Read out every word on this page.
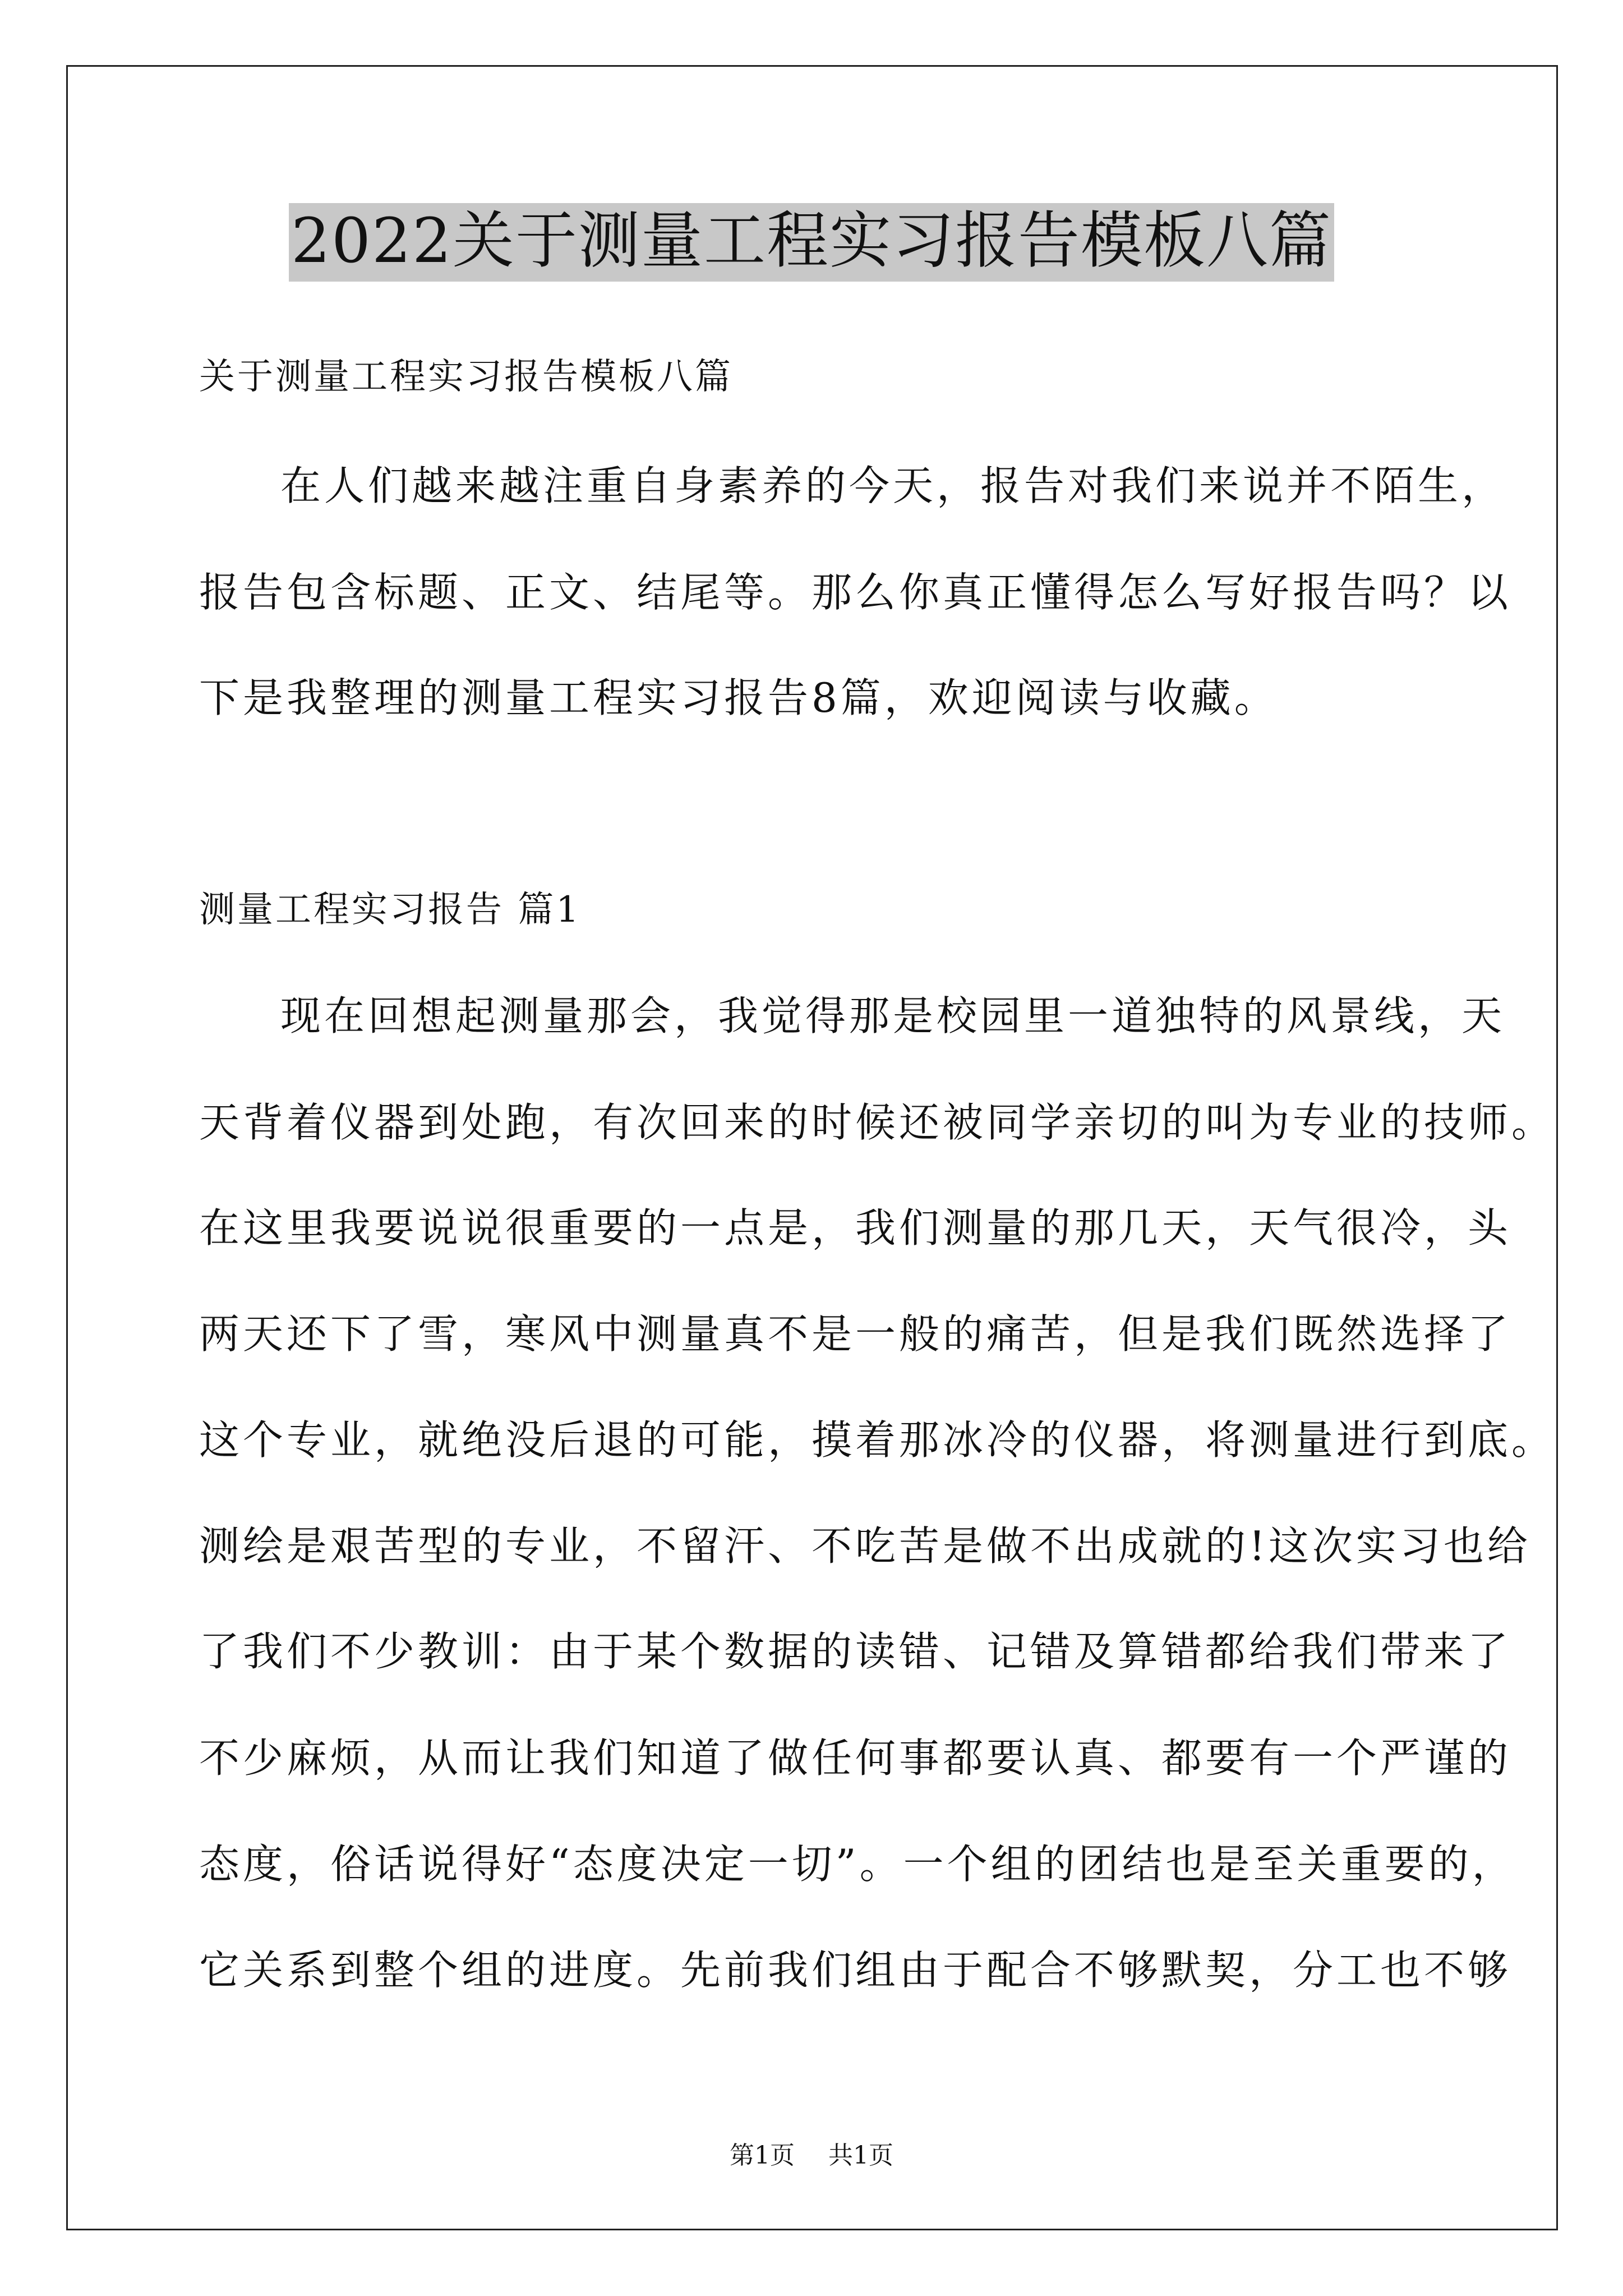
2022关于测量工程实习报告模板八篇

关于测量工程实习报告模板八篇

在人们越来越注重自身素养的今天，报告对我们来说并不陌生，

报告包含标题、正文、结尾等。那么你真正懂得怎么写好报告吗？以

下是我整理的测量工程实习报告8篇，欢迎阅读与收藏。

测量工程实习报告 篇1

现在回想起测量那会，我觉得那是校园里一道独特的风景线，天

天背着仪器到处跑，有次回来的时候还被同学亲切的叫为专业的技师。

在这里我要说说很重要的一点是，我们测量的那几天，天气很冷，头

两天还下了雪，寒风中测量真不是一般的痛苦，但是我们既然选择了

这个专业，就绝没后退的可能，摸着那冰冷的仪器，将测量进行到底。

测绘是艰苦型的专业，不留汗、不吃苦是做不出成就的!这次实习也给

了我们不少教训：由于某个数据的读错、记错及算错都给我们带来了

不少麻烦，从而让我们知道了做任何事都要认真、都要有一个严谨的

态度，俗话说得好“态度决定一切”。一个组的团结也是至关重要的，

它关系到整个组的进度。先前我们组由于配合不够默契，分工也不够

第1页 共1页
